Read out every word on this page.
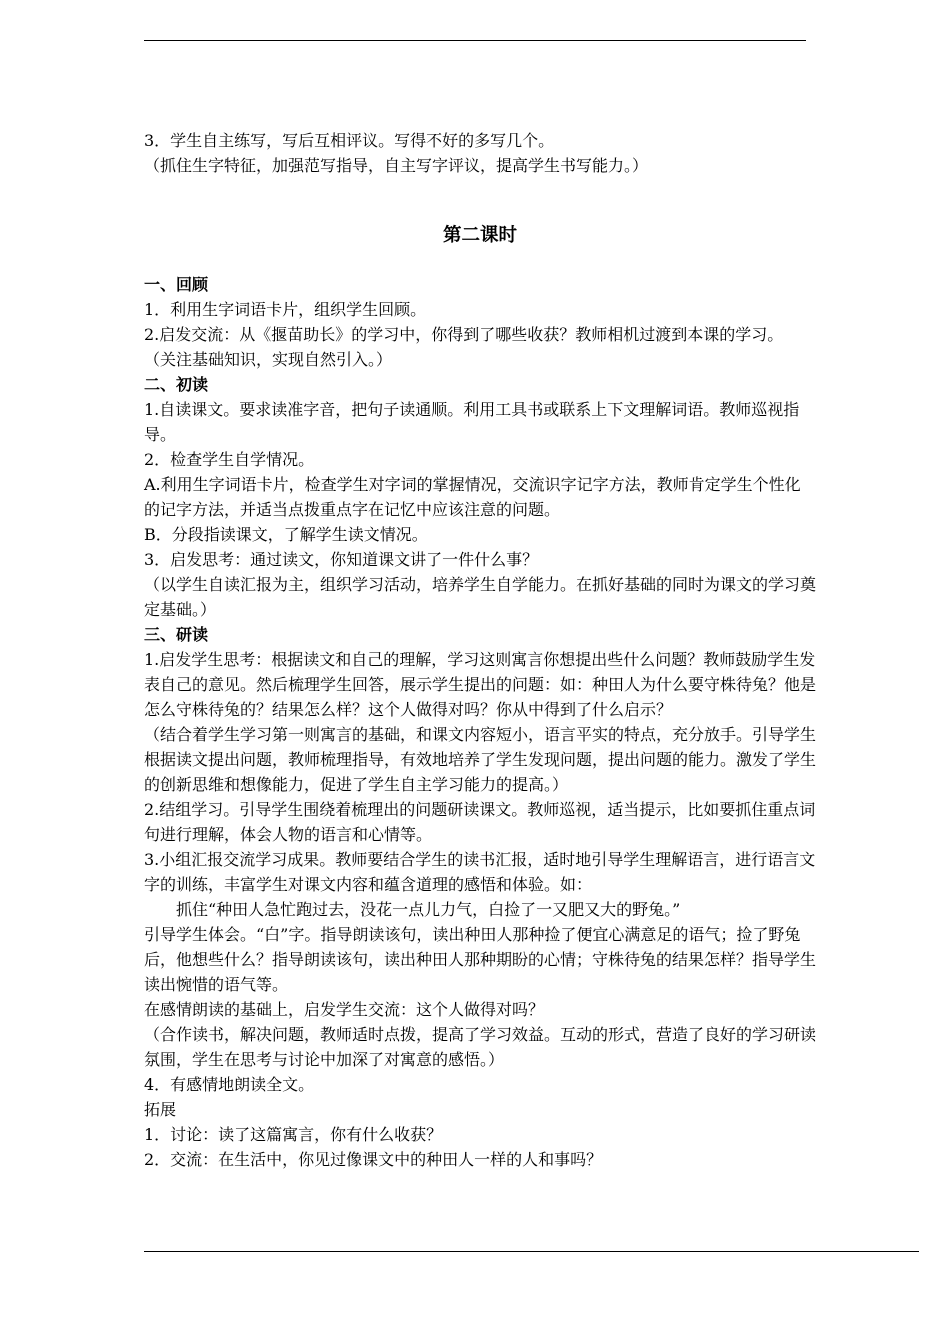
3．学生自主练写，写后互相评议。写得不好的多写几个。

（抓住生字特征，加强范写指导，自主写字评议，提高学生书写能力。）

第二课时

一、回顾

1．利用生字词语卡片，组织学生回顾。

2.启发交流：从《揠苗助长》的学习中，你得到了哪些收获？教师相机过渡到本课的学习。

（关注基础知识，实现自然引入。）

二、初读

1.自读课文。要求读准字音，把句子读通顺。利用工具书或联系上下文理解词语。教师巡视指导。

2．检查学生自学情况。

A.利用生字词语卡片，检查学生对字词的掌握情况，交流识字记字方法，教师肯定学生个性化的记字方法，并适当点拨重点字在记忆中应该注意的问题。

B．分段指读课文，了解学生读文情况。

3．启发思考：通过读文，你知道课文讲了一件什么事？

（以学生自读汇报为主，组织学习活动，培养学生自学能力。在抓好基础的同时为课文的学习奠定基础。）

三、研读

1.启发学生思考：根据读文和自己的理解，学习这则寓言你想提出些什么问题？教师鼓励学生发表自己的意见。然后梳理学生回答，展示学生提出的问题：如：种田人为什么要守株待兔？他是怎么守株待兔的？结果怎么样？这个人做得对吗？你从中得到了什么启示？

（结合着学生学习第一则寓言的基础，和课文内容短小，语言平实的特点，充分放手。引导学生根据读文提出问题，教师梳理指导，有效地培养了学生发现问题，提出问题的能力。激发了学生的创新思维和想像能力，促进了学生自主学习能力的提高。）

2.结组学习。引导学生围绕着梳理出的问题研读课文。教师巡视，适当提示，比如要抓住重点词句进行理解，体会人物的语言和心情等。

3.小组汇报交流学习成果。教师要结合学生的读书汇报，适时地引导学生理解语言，进行语言文字的训练，丰富学生对课文内容和蕴含道理的感悟和体验。如：

抓住“种田人急忙跑过去，没花一点儿力气，白捡了一又肥又大的野兔。”

引导学生体会。“白”字。指导朗读该句，读出种田人那种捡了便宜心满意足的语气；捡了野兔后，他想些什么？指导朗读该句，读出种田人那种期盼的心情；守株待兔的结果怎样？指导学生读出惋惜的语气等。

在感情朗读的基础上，启发学生交流：这个人做得对吗？

（合作读书，解决问题，教师适时点拨，提高了学习效益。互动的形式，营造了良好的学习研读氛围，学生在思考与讨论中加深了对寓意的感悟。）

4．有感情地朗读全文。

拓展

1．讨论：读了这篇寓言，你有什么收获？

2．交流：在生活中，你见过像课文中的种田人一样的人和事吗？
